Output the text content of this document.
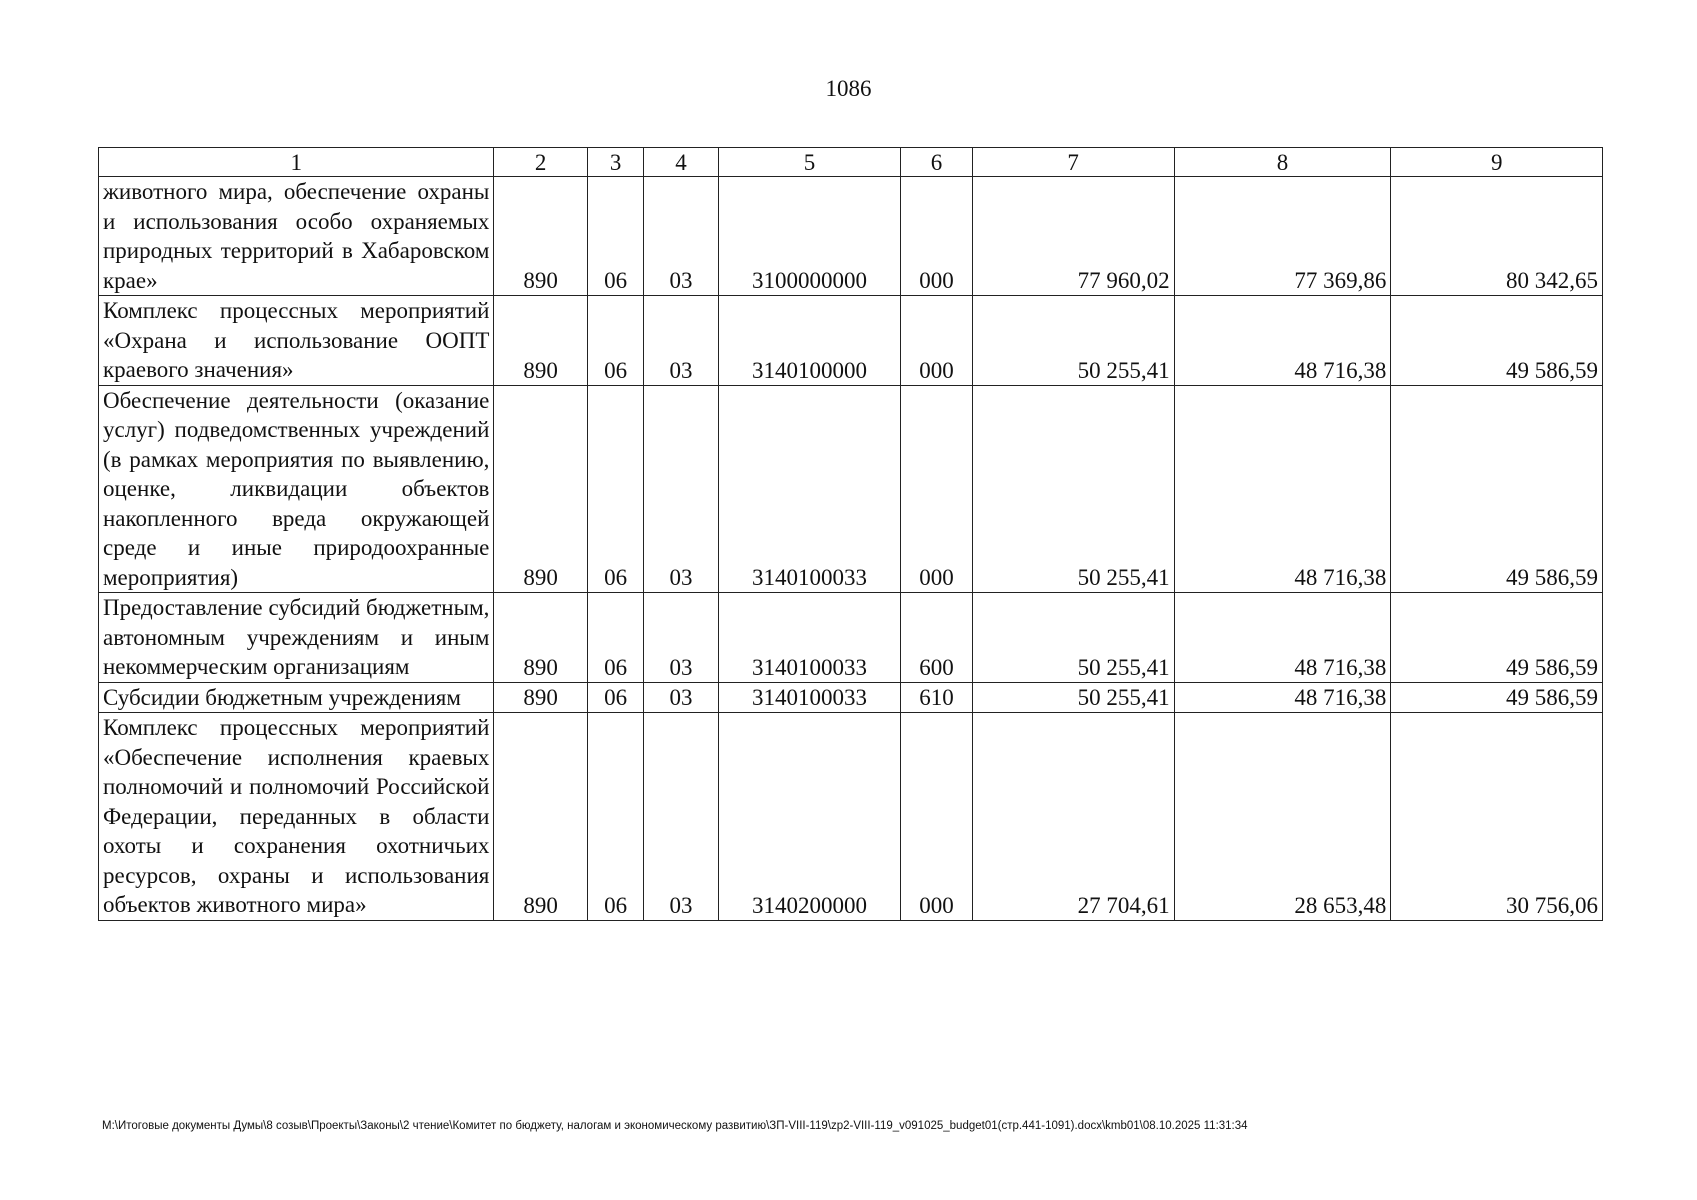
1086
1	2	3	4	5	6	7	8	9
животного мира, обеспечение охраны и использования особо охраняемых природных территорий в Хабаровском крае»	890	06	03	3100000000	000	77 960,02	77 369,86	80 342,65
Комплекс процессных мероприятий «Охрана и использование ООПТ краевого значения»	890	06	03	3140100000	000	50 255,41	48 716,38	49 586,59
Обеспечение деятельности (оказание услуг) подведомственных учреждений (в рамках мероприятия по выявлению, оценке, ликвидации объектов накопленного вреда окружающей среде и иные природоохранные мероприятия)	890	06	03	3140100033	000	50 255,41	48 716,38	49 586,59
Предоставление субсидий бюджетным, автономным учреждениям и иным некоммерческим организациям	890	06	03	3140100033	600	50 255,41	48 716,38	49 586,59
Субсидии бюджетным учреждениям	890	06	03	3140100033	610	50 255,41	48 716,38	49 586,59
Комплекс процессных мероприятий «Обеспечение исполнения краевых полномочий и полномочий Российской Федерации, переданных в области охоты и сохранения охотничьих ресурсов, охраны и использования объектов животного мира»	890	06	03	3140200000	000	27 704,61	28 653,48	30 756,06
M:\Итоговые документы Думы\8 созыв\Проекты\Законы\2 чтение\Комитет по бюджету, налогам и экономическому развитию\ЗП-VIII-119\zp2-VIII-119_v091025_budget01(стр.441-1091).docx\kmb01\08.10.2025 11:31:34
